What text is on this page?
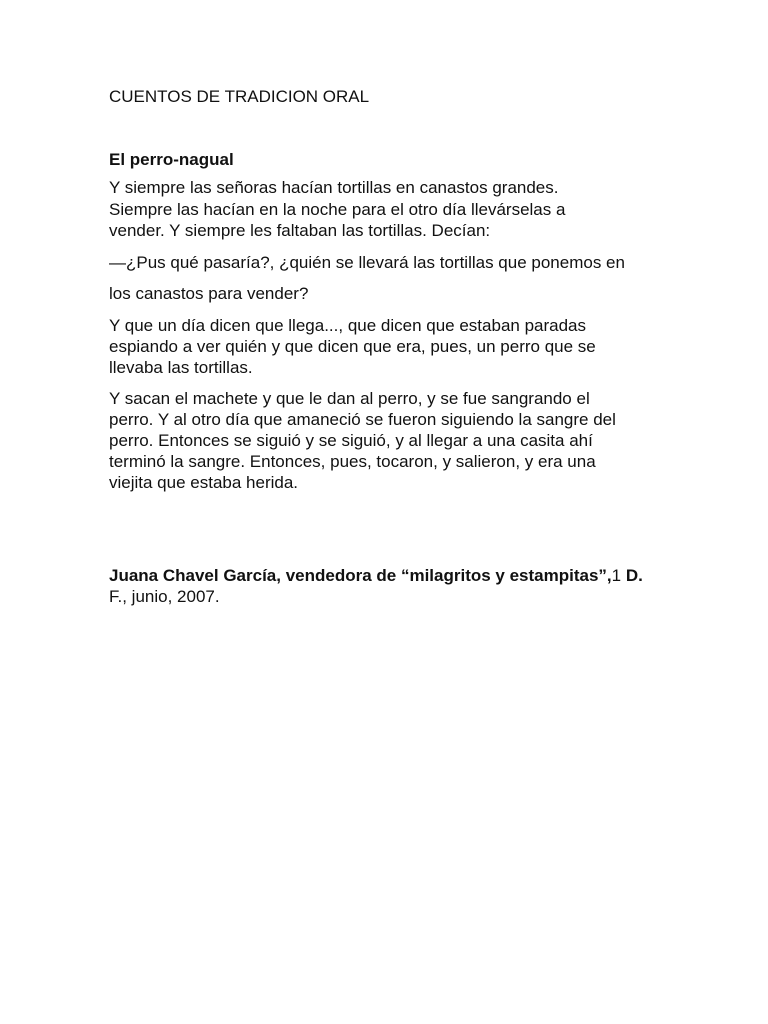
CUENTOS DE TRADICION ORAL
El perro-nagual
Y siempre las señoras hacían tortillas en canastos grandes.
Siempre las hacían en la noche para el otro día llevárselas a
vender. Y siempre les faltaban las tortillas. Decían:
—¿Pus qué pasaría?, ¿quién se llevará las tortillas que ponemos en
los canastos para vender?
Y que un día dicen que llega..., que dicen que estaban paradas
espiando a ver quién y que dicen que era, pues, un perro que se
llevaba las tortillas.
Y sacan el machete y que le dan al perro, y se fue sangrando el
perro. Y al otro día que amaneció se fueron siguiendo la sangre del
perro. Entonces se siguió y se siguió, y al llegar a una casita ahí
terminó la sangre. Entonces, pues, tocaron, y salieron, y era una
viejita que estaba herida.
Juana Chavel García, vendedora de “milagritos y estampitas”,1 D.
F., junio, 2007.
